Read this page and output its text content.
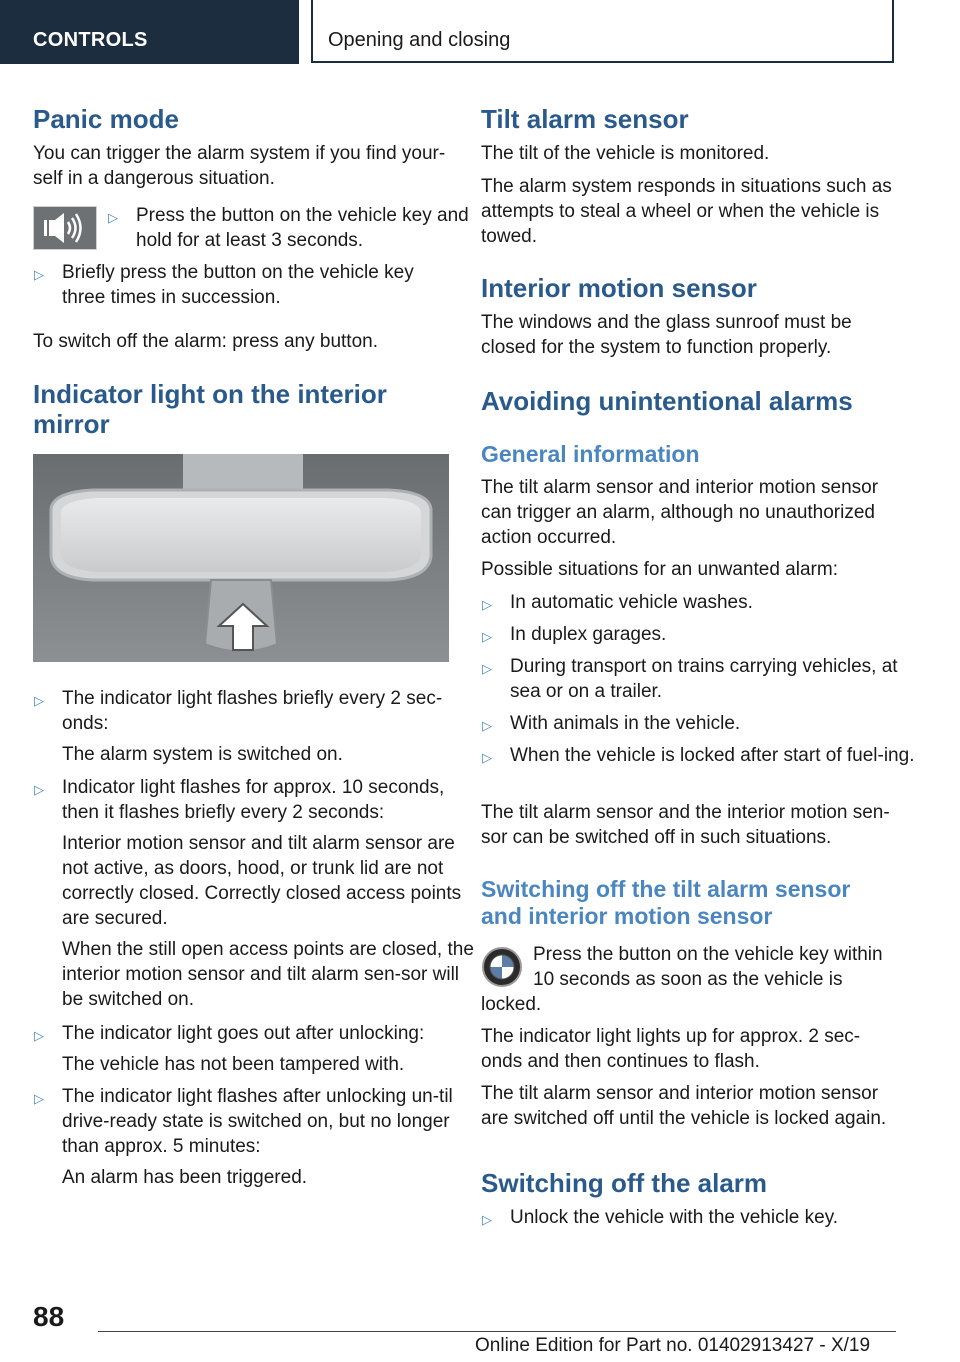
CONTROLS	Opening and closing
Panic mode

You can trigger the alarm system if you find your-self in a dangerous situation.

▷ Press the button on the vehicle key and hold for at least 3 seconds.
▷ Briefly press the button on the vehicle key three times in succession.

To switch off the alarm: press any button.

Indicator light on the interior
mirror
▷ The indicator light flashes briefly every 2 sec-onds:
The alarm system is switched on.
▷ Indicator light flashes for approx. 10 seconds, then it flashes briefly every 2 seconds:
Interior motion sensor and tilt alarm sensor are not active, as doors, hood, or trunk lid are not correctly closed. Correctly closed access points are secured.
When the still open access points are closed, the interior motion sensor and tilt alarm sen-sor will be switched on.
▷ The indicator light goes out after unlocking:
The vehicle has not been tampered with.
▷ The indicator light flashes after unlocking un-til drive-ready state is switched on, but no longer than approx. 5 minutes:
An alarm has been triggered.
Tilt alarm sensor

The tilt of the vehicle is monitored.

The alarm system responds in situations such as attempts to steal a wheel or when the vehicle is towed.

Interior motion sensor

The windows and the glass sunroof must be closed for the system to function properly.

Avoiding unintentional alarms
General information

The tilt alarm sensor and interior motion sensor can trigger an alarm, although no unauthorized action occurred.

Possible situations for an unwanted alarm:

▷ In automatic vehicle washes.
▷ In duplex garages.
▷ During transport on trains carrying vehicles, at sea or on a trailer.
▷ With animals in the vehicle.
▷ When the vehicle is locked after start of fuel-ing.

The tilt alarm sensor and the interior motion sen-sor can be switched off in such situations.

Switching off the tilt alarm sensor
and interior motion sensor

Press the button on the vehicle key within

10 seconds as soon as the vehicle is

locked.

The indicator light lights up for approx. 2 sec-onds and then continues to flash.

The tilt alarm sensor and interior motion sensor are switched off until the vehicle is locked again.

Switching off the alarm
▷ Unlock the vehicle with the vehicle key.
88
Online Edition for Part no. 01402913427 - X/19
